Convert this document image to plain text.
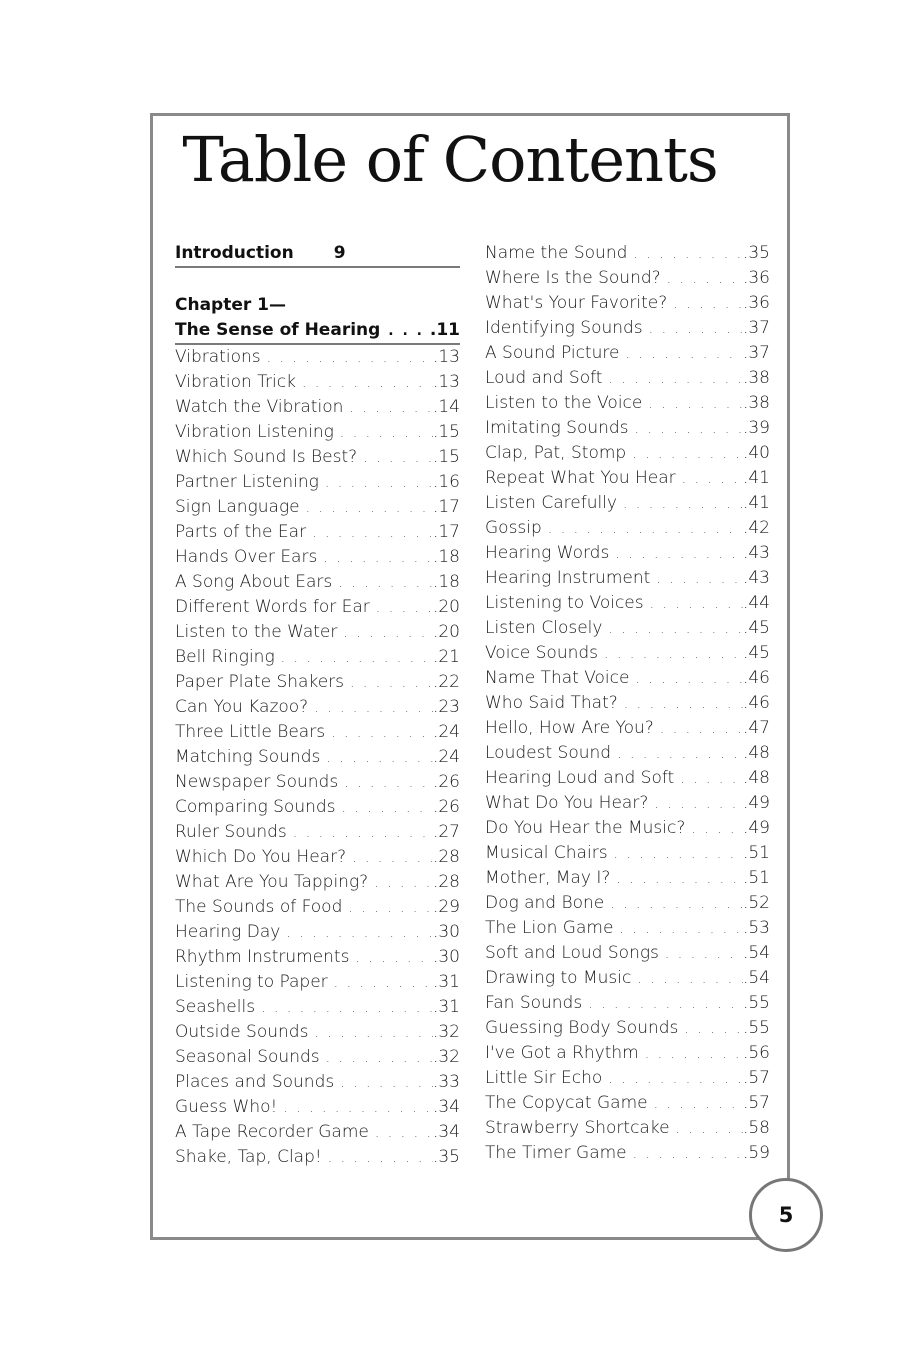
Table of Contents
Introduction 9
Chapter 1—
The Sense of Hearing . . .	.11
Vibrations . . .	. 13
Vibration Trick . . .	. 13
Watch the Vibration . . .	. 14
Vibration Listening . . .	. 15
Which Sound Is Best? . . .	. 15
Partner Listening . . .	. 16
Sign Language . . .	. 17
Parts of the Ear . . .	. 17
Hands Over Ears . . .	. 18
A Song About Ears . . .	. 18
Different Words for Ear . . .	. 20
Listen to the Water . . .	. 20
Bell Ringing . . .	. 21
Paper Plate Shakers . . .	. 22
Can You Kazoo? . . .	. 23
Three Little Bears . . .	. 24
Matching Sounds . . .	. 24
Newspaper Sounds . . .	. 26
Comparing Sounds . . .	. 26
Ruler Sounds . . .	. 27
Which Do You Hear? . . .	. 28
What Are You Tapping? . . .	. 28
The Sounds of Food . . .	. 29
Hearing Day . . .	. 30
Rhythm Instruments . . .	. 30
Listening to Paper . . .	. 31
Seashells . . .	. 31
Outside Sounds . . .	. 32
Seasonal Sounds . . .	. 32
Places and Sounds . . .	. 33
Guess Who! . . .	. 34
A Tape Recorder Game . . .	. 34
Shake, Tap, Clap! . . .	. 35
Name the Sound . . .	. 35
Where Is the Sound? . . .	. 36
What's Your Favorite? . . .	. 36
Identifying Sounds . . .	. 37
A Sound Picture . . .	. 37
Loud and Soft . . .	. 38
Listen to the Voice . . .	. 38
Imitating Sounds . . .	. 39
Clap, Pat, Stomp . . .	. 40
Repeat What You Hear . . .	. 41
Listen Carefully . . .	. 41
Gossip . . .	. 42
Hearing Words . . .	. 43
Hearing Instrument . . .	. 43
Listening to Voices . . .	. 44
Listen Closely . . .	. 45
Voice Sounds . . .	. 45
Name That Voice . . .	. 46
Who Said That? . . .	. 46
Hello, How Are You? . . .	. 47
Loudest Sound . . .	. 48
Hearing Loud and Soft . . .	. 48
What Do You Hear? . . .	. 49
Do You Hear the Music? . . .	. 49
Musical Chairs . . .	. 51
Mother, May I? . . .	. 51
Dog and Bone . . .	. 52
The Lion Game . . .	. 53
Soft and Loud Songs . . .	. 54
Drawing to Music . . .	. 54
Fan Sounds . . .	. 55
Guessing Body Sounds . . .	. 55
I've Got a Rhythm . . .	. 56
Little Sir Echo . . .	. 57
The Copycat Game . . .	. 57
Strawberry Shortcake . . .	. 58
The Timer Game . . .	. 59
5
